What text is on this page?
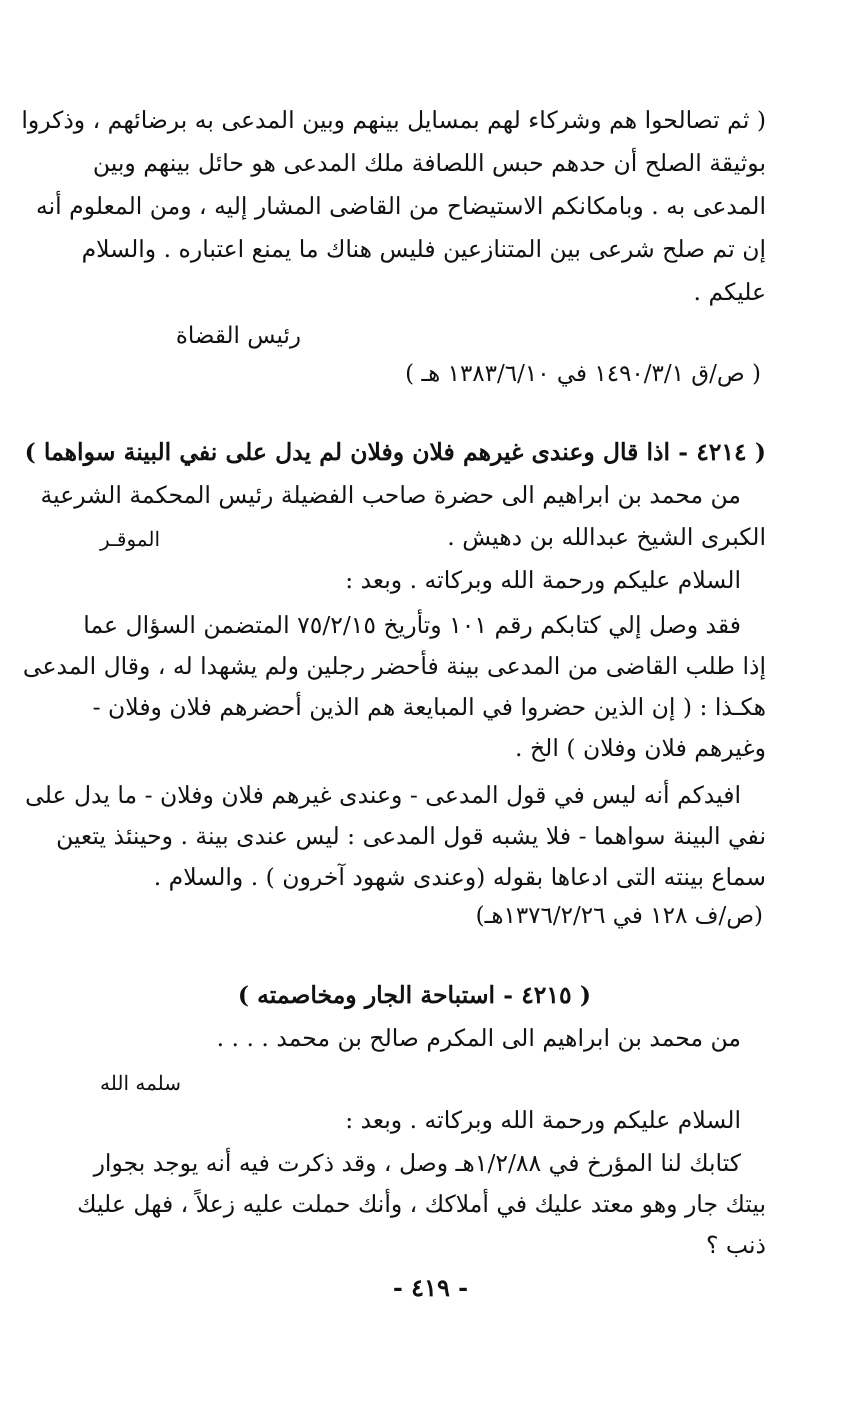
( ثم تصالحوا هم وشركاء لهم بمسايل بينهم وبين المدعى به برضائهم ، وذكروا
بوثيقة الصلح أن حدهم حبس اللصافة ملك المدعى هو حائل بينهم وبين
المدعى به . وبامكانكم الاستيضاح من القاضى المشار إليه ، ومن المعلوم أنه
إن تم صلح شرعى بين المتنازعين فليس هناك ما يمنع اعتباره . والسلام
عليكم .
رئيس القضاة
( ص/ق ١٤٩٠/٣/١ في ١٣٨٣/٦/١٠ هـ )
( ٤٢١٤ - اذا قال وعندى غيرهم فلان وفلان لم يدل على نفي البينة سواهما )
من محمد بن ابراهيم الى حضرة صاحب الفضيلة رئيس المحكمة الشرعية
الكبرى الشيخ عبدالله بن دهيش .
الموقـر
السلام عليكم ورحمة الله وبركاته . وبعد :
فقد وصل إلي كتابكم رقم ١٠١ وتأريخ ٧٥/٢/١٥ المتضمن السؤال عما
إذا طلب القاضى من المدعى بينة فأحضر رجلين ولم يشهدا له ، وقال المدعى
هكـذا : ( إن الذين حضروا في المبايعة هم الذين أحضرهم فلان وفلان -
وغيرهم فلان وفلان ) الخ .
افيدكم أنه ليس في قول المدعى - وعندى غيرهم فلان وفلان - ما يدل على
نفي البينة سواهما - فلا يشبه قول المدعى : ليس عندى بينة . وحينئذ يتعين
سماع بينته التى ادعاها بقوله (وعندى شهود آخرون ) . والسلام .
(ص/ف ١٢٨ في ١٣٧٦/٢/٢٦هـ)
( ٤٢١٥ - استباحة الجار ومخاصمته )
من محمد بن ابراهيم الى المكرم صالح بن محمد . . . .
سلمه الله
السلام عليكم ورحمة الله وبركاته . وبعد :
كتابك لنا المؤرخ في ١/٢/٨٨هـ وصل ، وقد ذكرت فيه أنه يوجد بجوار
بيتك جار وهو معتد عليك في أملاكك ، وأنك حملت عليه زعلاً ، فهل عليك
ذنب ؟
- ٤١٩ -
